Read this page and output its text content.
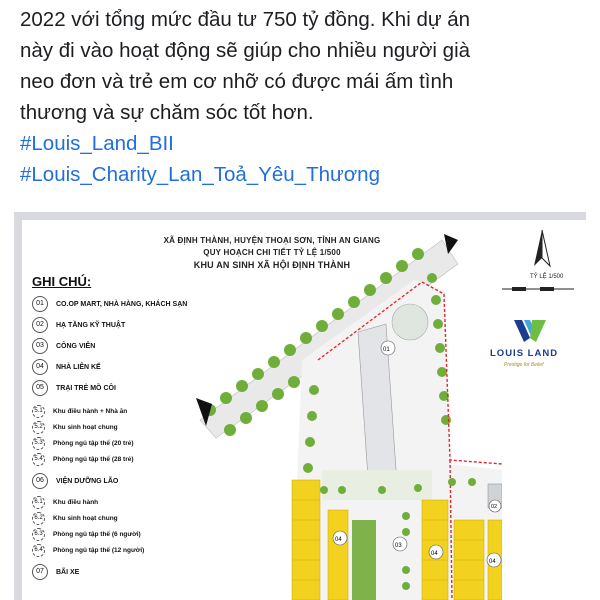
2022 với tổng mức đầu tư 750 tỷ đồng. Khi dự án

này đi vào hoạt động sẽ giúp cho nhiều người già

neo đơn và trẻ em cơ nhỡ có được mái ấm tình

thương và sự chăm sóc tốt hơn.

#Louis_Land_BII
#Louis_Charity_Lan_Toả_Yêu_Thương
XÃ ĐỊNH THÀNH, HUYỆN THOẠI SƠN, TỈNH AN GIANG
QUY HOẠCH CHI TIẾT TỶ LỆ 1/500
KHU AN SINH XÃ HỘI ĐỊNH THÀNH
GHI CHÚ:
01 CO.OP MART, NHÀ HÀNG, KHÁCH SẠN
02 HẠ TẦNG KỸ THUẬT
03 CÔNG VIÊN
04 NHÀ LIÊN KẾ
05 TRẠI TRẺ MỒ CÔI
5.1 Khu điều hành + Nhà ăn
5.2 Khu sinh hoạt chung
5.3 Phòng ngủ tập thể (20 trẻ)
5.4 Phòng ngủ tập thể (28 trẻ)
06 VIỆN DƯỠNG LÃO
6.1 Khu điều hành
6.2 Khu sinh hoạt chung
6.3 Phòng ngủ tập thể (6 người)
6.4 Phòng ngủ tập thể (12 người)
07 BÃI XE
TỶ LỆ 1/500
LOUIS LAND
Prestige for Belief
01
03
04
04
04
02
